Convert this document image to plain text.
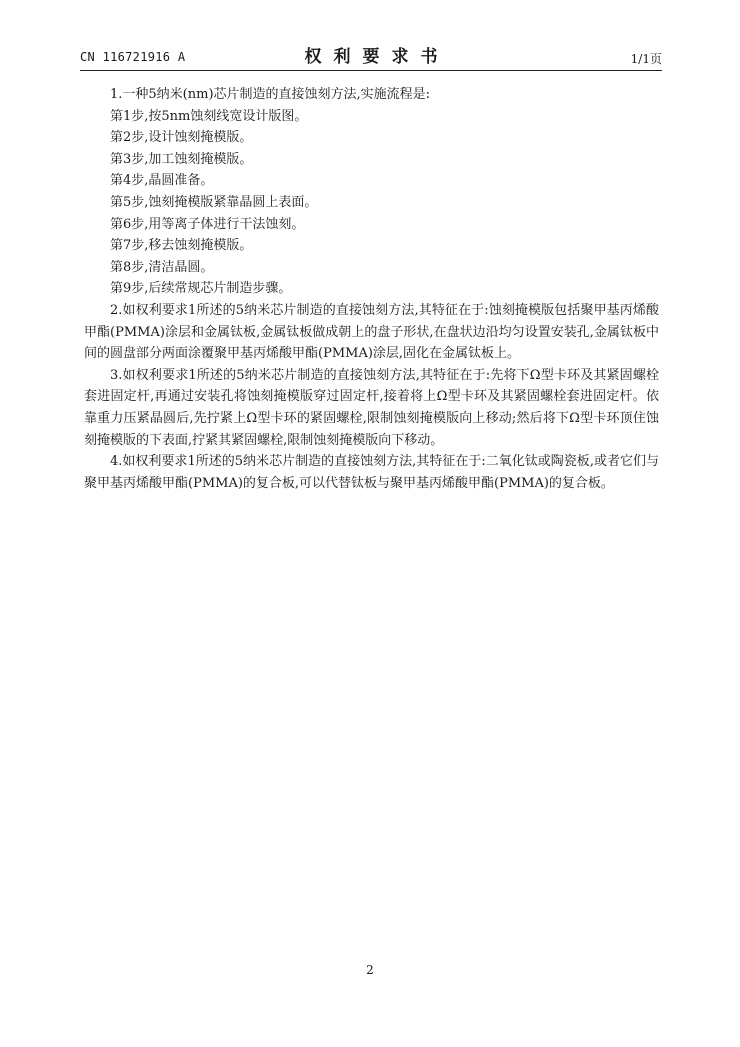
CN 116721916 A	权利要求书	1/1页

1.一种5纳米(nm)芯片制造的直接蚀刻方法,实施流程是:

第1步,按5nm蚀刻线宽设计版图。

第2步,设计蚀刻掩模版。

第3步,加工蚀刻掩模版。

第4步,晶圆准备。

第5步,蚀刻掩模版紧靠晶圆上表面。

第6步,用等离子体进行干法蚀刻。

第7步,移去蚀刻掩模版。

第8步,清洁晶圆。

第9步,后续常规芯片制造步骤。

2.如权利要求1所述的5纳米芯片制造的直接蚀刻方法,其特征在于:蚀刻掩模版包括聚甲基丙烯酸甲酯(PMMA)涂层和金属钛板,金属钛板做成朝上的盘子形状,在盘状边沿均匀设置安装孔,金属钛板中间的圆盘部分两面涂覆聚甲基丙烯酸甲酯(PMMA)涂层,固化在金属钛板上。

3.如权利要求1所述的5纳米芯片制造的直接蚀刻方法,其特征在于:先将下Ω型卡环及其紧固螺栓套进固定杆,再通过安装孔将蚀刻掩模版穿过固定杆,接着将上Ω型卡环及其紧固螺栓套进固定杆。依靠重力压紧晶圆后,先拧紧上Ω型卡环的紧固螺栓,限制蚀刻掩模版向上移动;然后将下Ω型卡环顶住蚀刻掩模版的下表面,拧紧其紧固螺栓,限制蚀刻掩模版向下移动。

4.如权利要求1所述的5纳米芯片制造的直接蚀刻方法,其特征在于:二氧化钛或陶瓷板,或者它们与聚甲基丙烯酸甲酯(PMMA)的复合板,可以代替钛板与聚甲基丙烯酸甲酯(PMMA)的复合板。

2
